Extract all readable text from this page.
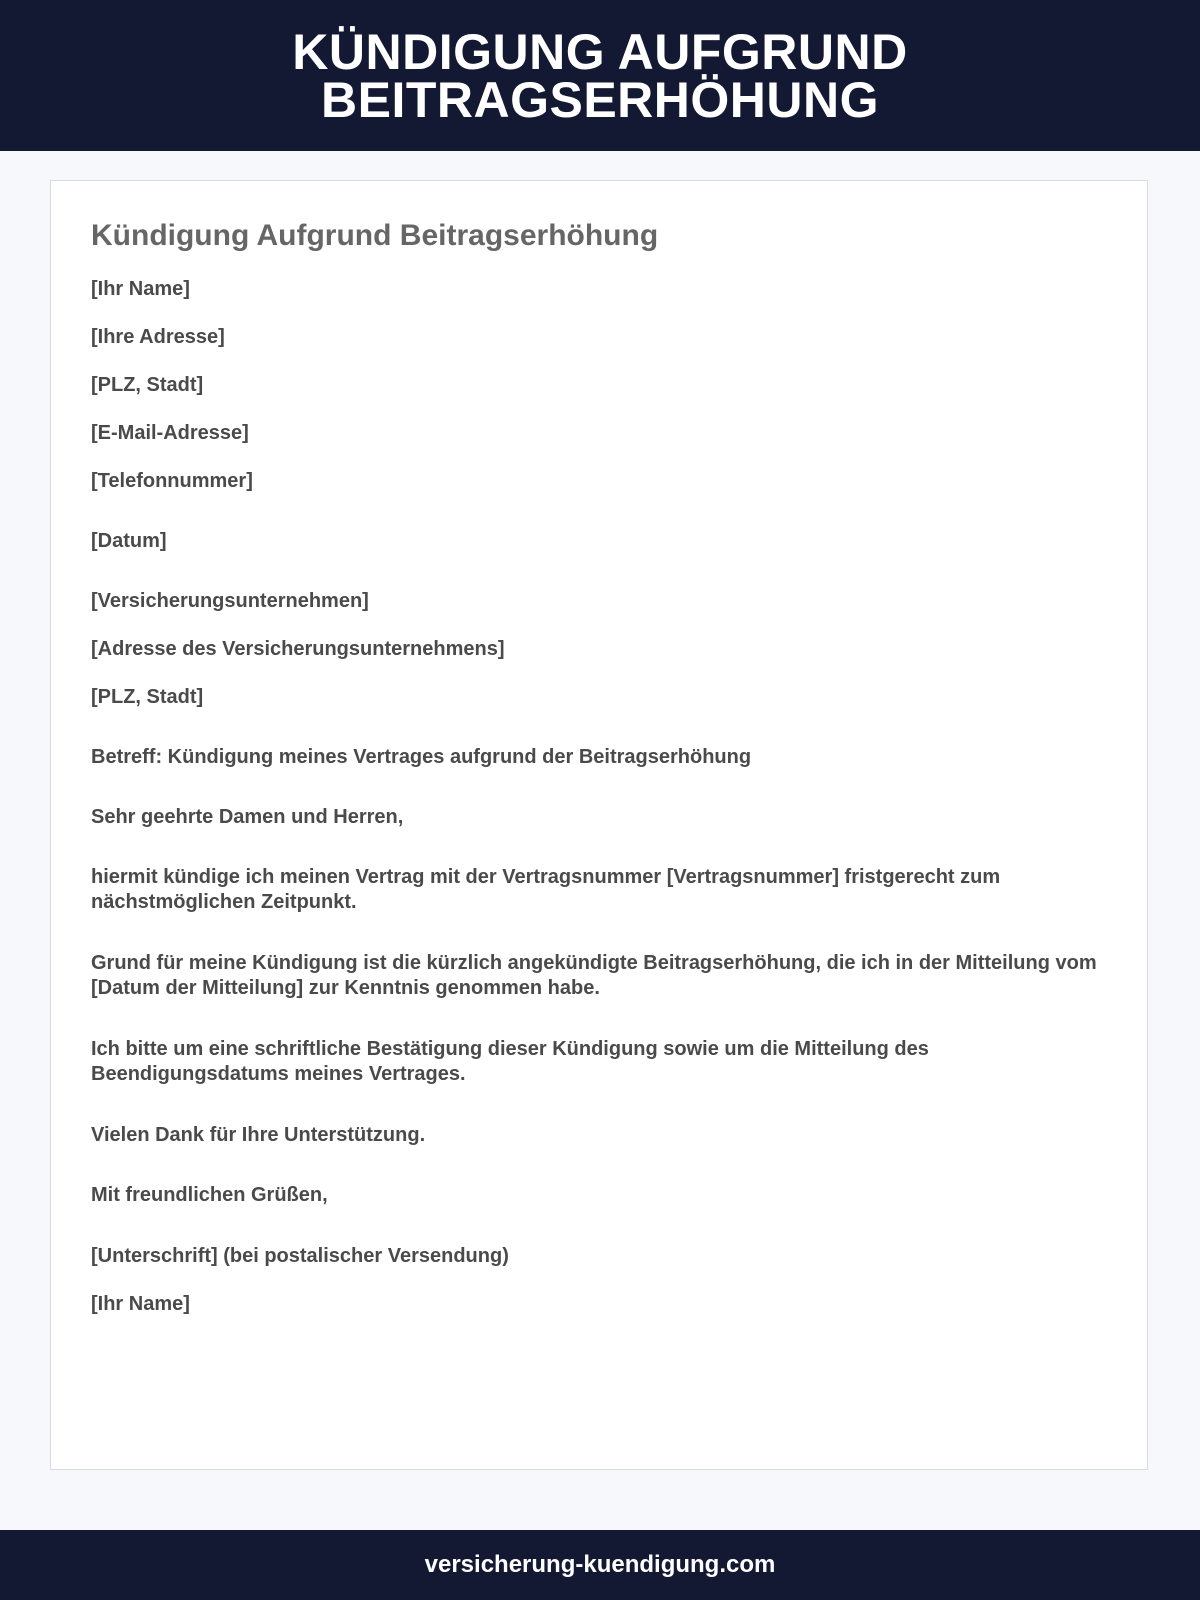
KÜNDIGUNG AUFGRUND BEITRAGSERHÖHUNG
Kündigung Aufgrund Beitragserhöhung

[Ihr Name]

[Ihre Adresse]

[PLZ, Stadt]

[E-Mail-Adresse]

[Telefonnummer]

[Datum]

[Versicherungsunternehmen]

[Adresse des Versicherungsunternehmens]

[PLZ, Stadt]

Betreff: Kündigung meines Vertrages aufgrund der Beitragserhöhung

Sehr geehrte Damen und Herren,

hiermit kündige ich meinen Vertrag mit der Vertragsnummer [Vertragsnummer] fristgerecht zum nächstmöglichen Zeitpunkt.

Grund für meine Kündigung ist die kürzlich angekündigte Beitragserhöhung, die ich in der Mitteilung vom [Datum der Mitteilung] zur Kenntnis genommen habe.

Ich bitte um eine schriftliche Bestätigung dieser Kündigung sowie um die Mitteilung des Beendigungsdatums meines Vertrages.

Vielen Dank für Ihre Unterstützung.

Mit freundlichen Grüßen,

[Unterschrift] (bei postalischer Versendung)

[Ihr Name]

versicherung-kuendigung.com
